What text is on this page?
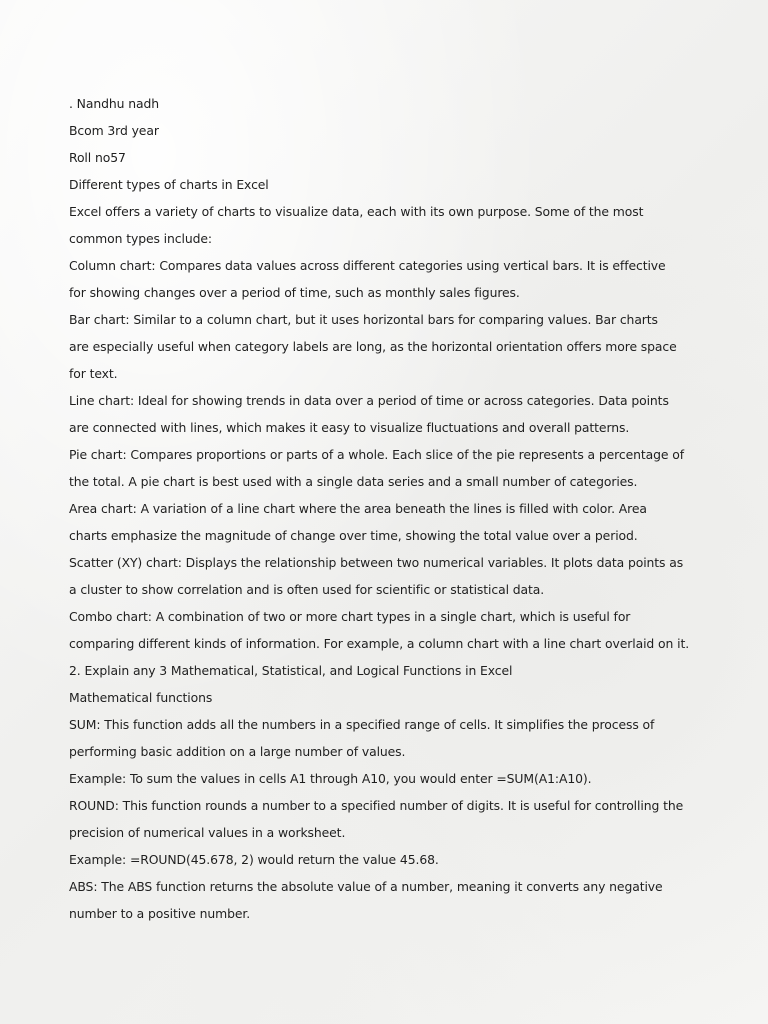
. Nandhu nadh
Bcom 3rd year
Roll no57
Different types of charts in Excel
Excel offers a variety of charts to visualize data, each with its own purpose. Some of the most
common types include:
Column chart: Compares data values across different categories using vertical bars. It is effective
for showing changes over a period of time, such as monthly sales figures.
Bar chart: Similar to a column chart, but it uses horizontal bars for comparing values. Bar charts
are especially useful when category labels are long, as the horizontal orientation offers more space
for text.
Line chart: Ideal for showing trends in data over a period of time or across categories. Data points
are connected with lines, which makes it easy to visualize fluctuations and overall patterns.
Pie chart: Compares proportions or parts of a whole. Each slice of the pie represents a percentage of
the total. A pie chart is best used with a single data series and a small number of categories.
Area chart: A variation of a line chart where the area beneath the lines is filled with color. Area
charts emphasize the magnitude of change over time, showing the total value over a period.
Scatter (XY) chart: Displays the relationship between two numerical variables. It plots data points as
a cluster to show correlation and is often used for scientific or statistical data.
Combo chart: A combination of two or more chart types in a single chart, which is useful for
comparing different kinds of information. For example, a column chart with a line chart overlaid on it.
2. Explain any 3 Mathematical, Statistical, and Logical Functions in Excel
Mathematical functions
SUM: This function adds all the numbers in a specified range of cells. It simplifies the process of
performing basic addition on a large number of values.
Example: To sum the values in cells A1 through A10, you would enter =SUM(A1:A10).
ROUND: This function rounds a number to a specified number of digits. It is useful for controlling the
precision of numerical values in a worksheet.
Example: =ROUND(45.678, 2) would return the value 45.68.
ABS: The ABS function returns the absolute value of a number, meaning it converts any negative
number to a positive number.
